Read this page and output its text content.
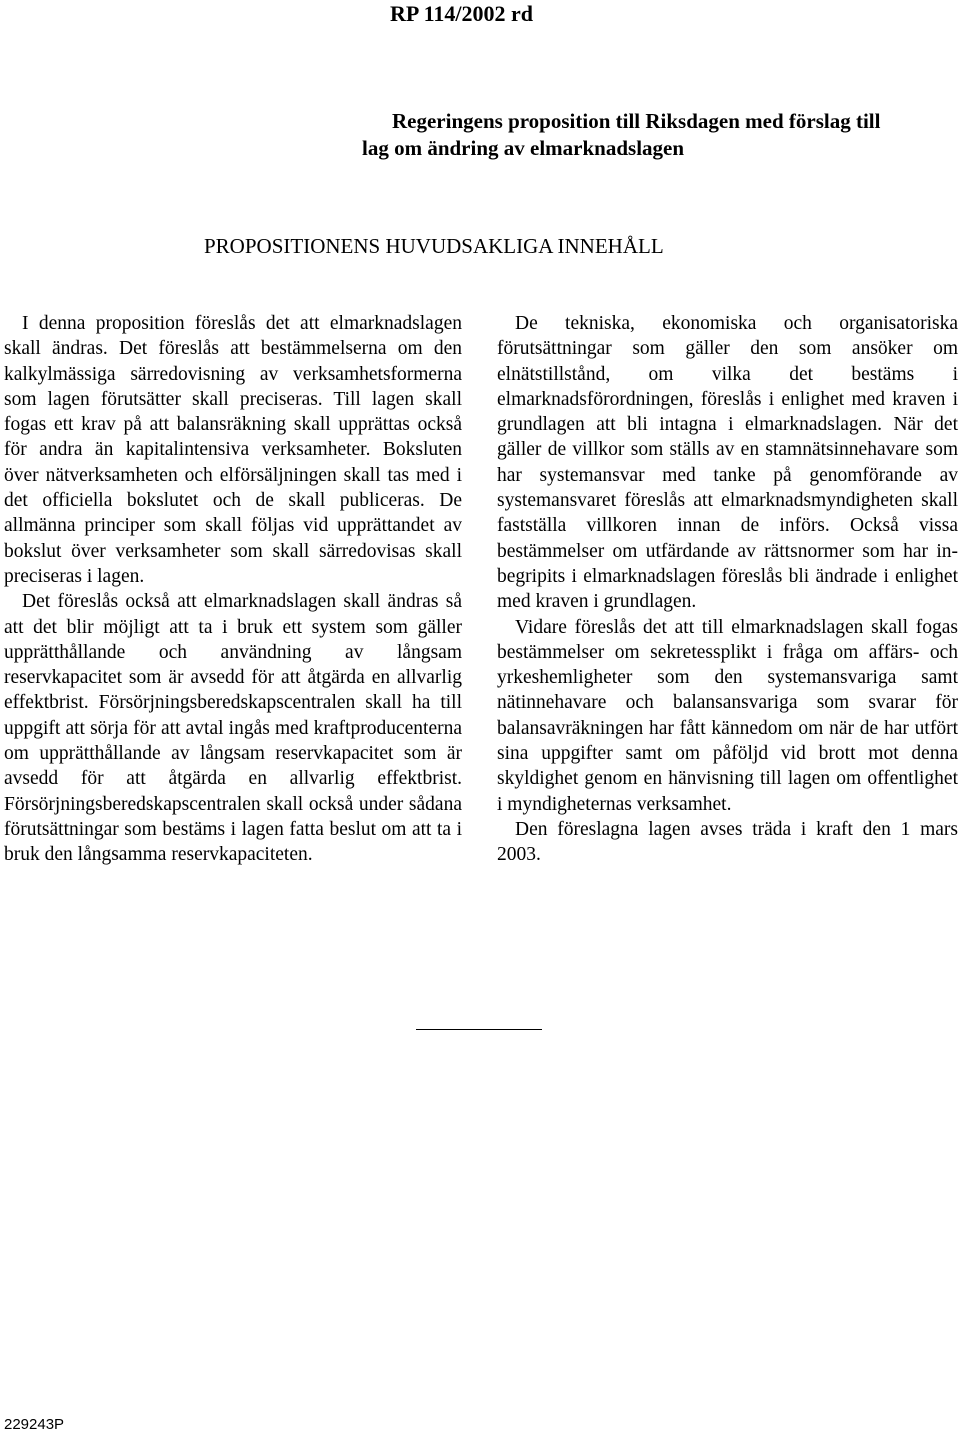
RP 114/2002 rd
Regeringens proposition till Riksdagen med förslag till
lag om ändring av elmarknadslagen
PROPOSITIONENS HUVUDSAKLIGA INNEHÅLL

I denna proposition föreslås det att elmarknadslagen skall ändras. Det föreslås att bestämmelserna om den kalkylmässiga särredovisning av verksamhetsformerna som lagen förutsätter skall preciseras. Till lagen skall fogas ett krav på att balansräkning skall upprättas också för andra än kapitalintensiva verksamheter. Boksluten över nätverksamheten och elförsäljningen skall tas med i det officiella bokslutet och de skall publiceras. De allmänna principer som skall följas vid upprättandet av bokslut över verksamheter som skall särredovisas skall preciseras i lagen.

Det föreslås också att elmarknadslagen skall ändras så att det blir möjligt att ta i bruk ett system som gäller upprätthållande och användning av långsam reservkapacitet som är avsedd för att åtgärda en allvarlig effektbrist. Försörjningsberedskapscentralen skall ha till uppgift att sörja för att avtal ingås med kraftproducenterna om upprätthållande av långsam reservkapacitet som är avsedd för att åtgärda en allvarlig effektbrist. Försörjningsberedskapscentralen skall också under sådana förutsättningar som bestäms i lagen fatta beslut om att ta i bruk den långsamma reservkapaciteten.

De tekniska, ekonomiska och organisatoriska förutsättningar som gäller den som ansöker om elnätstillstånd, om vilka det bestäms i elmarknadsförordningen, föreslås i enlighet med kraven i grundlagen att bli intagna i elmarknadslagen. När det gäller de villkor som ställs av en stamnätsinnehavare som har systemansvar med tanke på genomförande av systemansvaret föreslås att elmarknadsmyndigheten skall fastställa villkoren innan de införs. Också vissa bestämmelser om utfärdande av rättsnormer som har inbegripits i elmarknadslagen föreslås bli ändrade i enlighet med kraven i grundlagen.

Vidare föreslås det att till elmarknadslagen skall fogas bestämmelser om sekretessplikt i fråga om affärs- och yrkeshemligheter som den systemansvariga samt nätinnehavare och balansansvariga som svarar för balansavräkningen har fått kännedom om när de har utfört sina uppgifter samt om påföljd vid brott mot denna skyldighet genom en hänvisning till lagen om offentlighet i myndigheternas verksamhet.

Den föreslagna lagen avses träda i kraft den 1 mars 2003.

229243P
